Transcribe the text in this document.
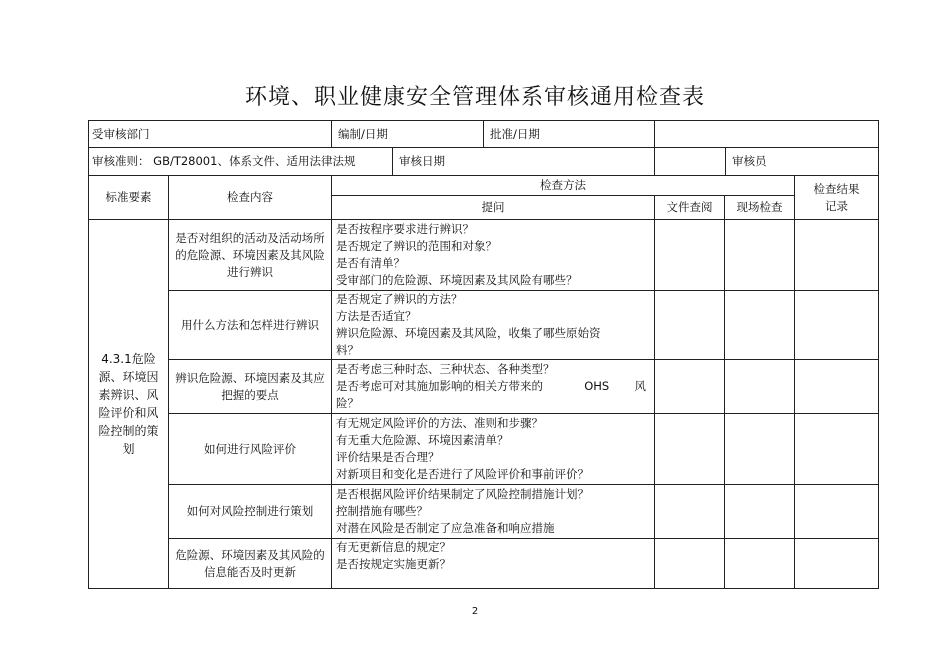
环境、职业健康安全管理体系审核通用检查表
受审核部门		编制/日期 批准/日期			

审核准则： GB/T28001、体系文件、适用法律法规 审核日期			审核员		

标准要素	检查内容	检查方法			检查结果
记录

		提问	文件查阅	现场检查	
4.3.1危险源、环境因素辨识、风险评价和风险控制的策划	是否对组织的活动及活动场所的危险源、环境因素及其风险进行辨识	是否按程序要求进行辨识？
是否规定了辨识的范围和对象？
是否有清单？
受审部门的危险源、环境因素及其风险有哪些？			

	用什么方法和怎样进行辨识	是否规定了辨识的方法？
方法是否适宜？
辨识危险源、环境因素及其风险，收集了哪些原始资
料？			

	辨识危险源、环境因素及其应把握的要点	是否考虑三种时态、三种状态、各种类型？
是否考虑可对其施加影响的相关方带来的 OHS 风
险？			

	如何进行风险评价	有无规定风险评价的方法、准则和步骤？
有无重大危险源、环境因素清单？
评价结果是否合理？
对新项目和变化是否进行了风险评价和事前评价？			

	如何对风险控制进行策划	是否根据风险评价结果制定了风险控制措施计划？
控制措施有哪些？
对潜在风险是否制定了应急准备和响应措施			

	危险源、环境因素及其风险的信息能否及时更新	有无更新信息的规定？
是否按规定实施更新？			

2
